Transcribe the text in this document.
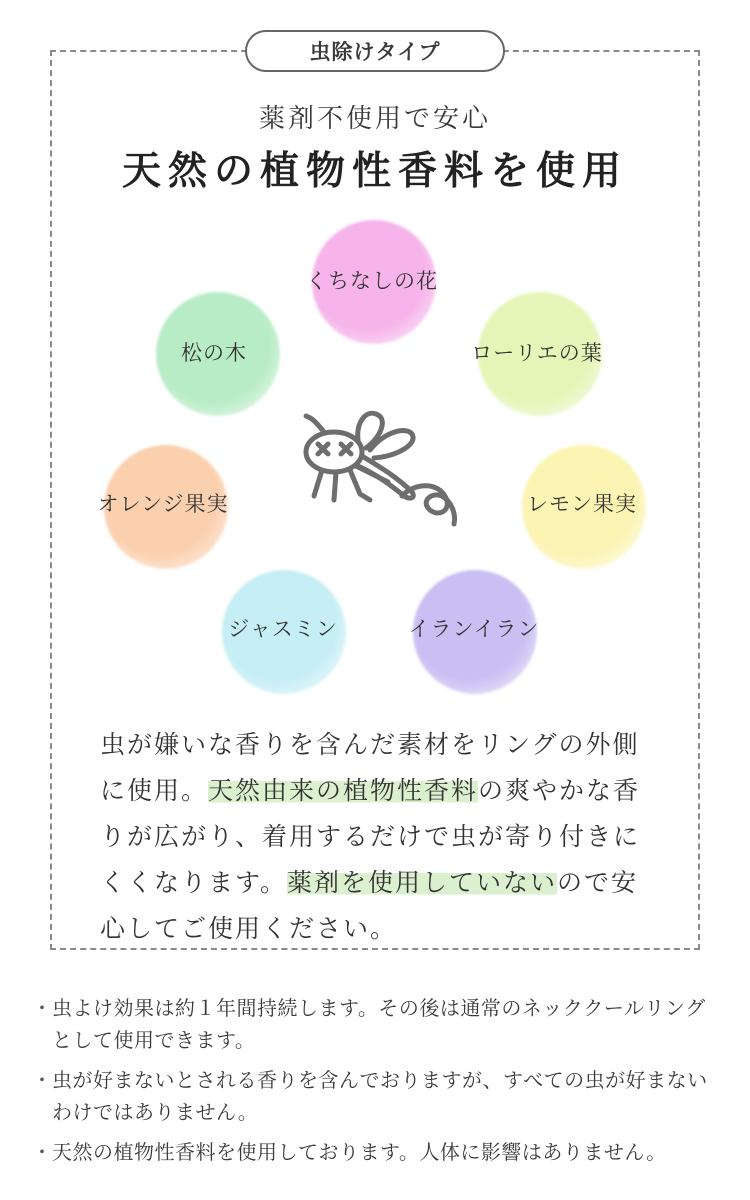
虫除けタイプ
薬剤不使用で安心
天然の植物性香料を使用
くちなしの花
ローリエの葉
レモン果実
イランイラン
ジャスミン
オレンジ果実
松の木
虫が嫌いな香りを含んだ素材をリングの外側に使用。天然由来の植物性香料の爽やかな香りが広がり、着用するだけで虫が寄り付きにくくなります。薬剤を使用していないので安心してご使用ください。
・ 虫よけ効果は約１年間持続します。その後は通常のネッククールリングとして使用できます。
・ 虫が好まないとされる香りを含んでおりますが、すべての虫が好まないわけではありません。
・ 天然の植物性香料を使用しております。人体に影響はありません。
